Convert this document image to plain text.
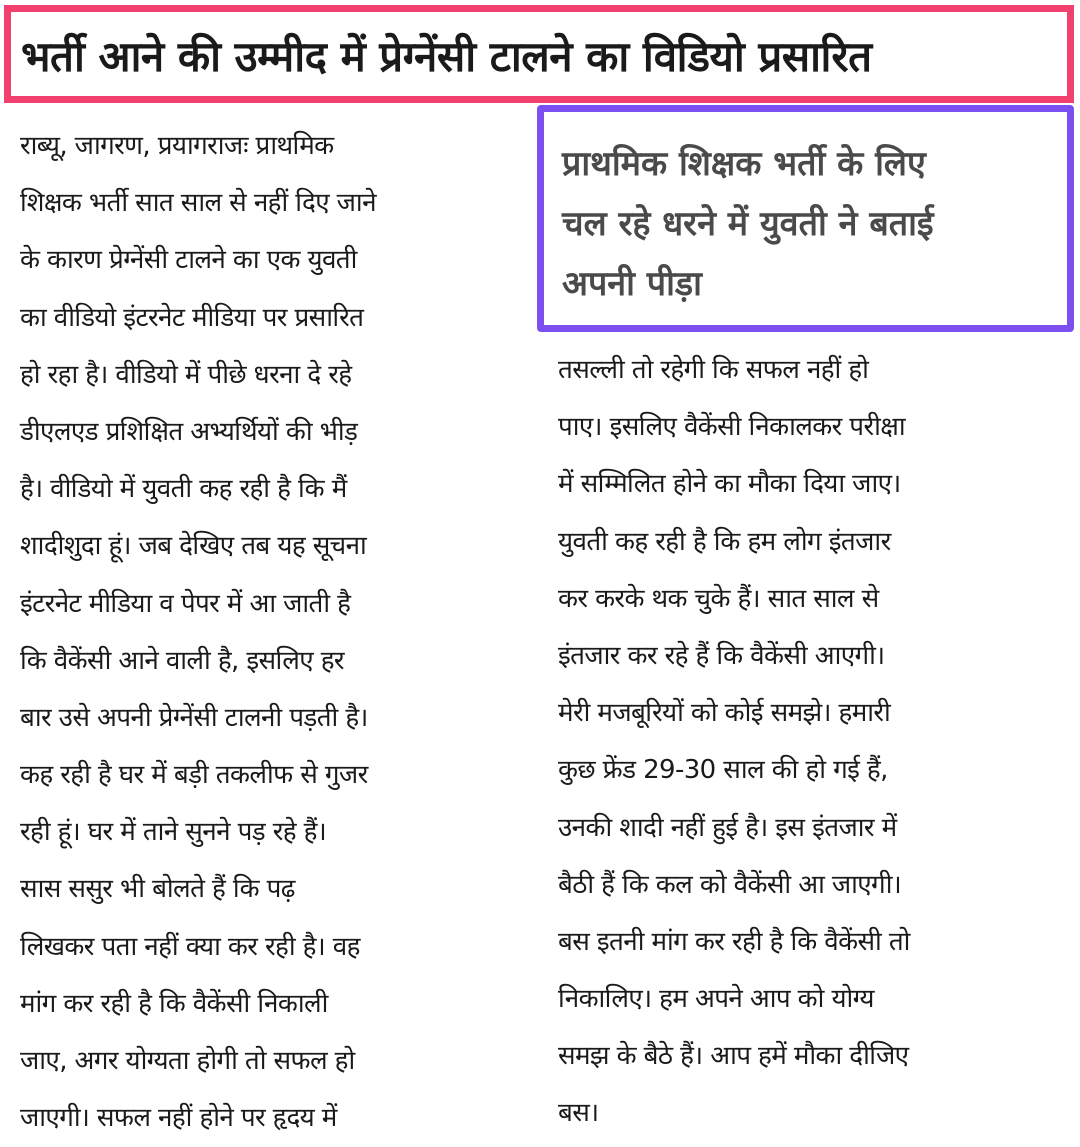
भर्ती आने की उम्मीद में प्रेग्नेंसी टालने का विडियो प्रसारित
राब्यू, जागरण, प्रयागराजः प्राथमिक
शिक्षक भर्ती सात साल से नहीं दिए जाने
के कारण प्रेग्नेंसी टालने का एक युवती
का वीडियो इंटरनेट मीडिया पर प्रसारित
हो रहा है। वीडियो में पीछे धरना दे रहे
डीएलएड प्रशिक्षित अभ्यर्थियों की भीड़
है। वीडियो में युवती कह रही है कि मैं
शादीशुदा हूं। जब देखिए तब यह सूचना
इंटरनेट मीडिया व पेपर में आ जाती है
कि वैकेंसी आने वाली है, इसलिए हर
बार उसे अपनी प्रेग्नेंसी टालनी पड़ती है।
कह रही है घर में बड़ी तकलीफ से गुजर
रही हूं। घर में ताने सुनने पड़ रहे हैं।
सास ससुर भी बोलते हैं कि पढ़
लिखकर पता नहीं क्या कर रही है। वह
मांग कर रही है कि वैकेंसी निकाली
जाए, अगर योग्यता होगी तो सफल हो
जाएगी। सफल नहीं होने पर हृदय में
प्राथमिक शिक्षक भर्ती के लिए
चल रहे धरने में युवती ने बताई
अपनी पीड़ा
तसल्ली तो रहेगी कि सफल नहीं हो
पाए। इसलिए वैकेंसी निकालकर परीक्षा
में सम्मिलित होने का मौका दिया जाए।
युवती कह रही है कि हम लोग इंतजार
कर करके थक चुके हैं। सात साल से
इंतजार कर रहे हैं कि वैकेंसी आएगी।
मेरी मजबूरियों को कोई समझे। हमारी
कुछ फ्रेंड 29-30 साल की हो गई हैं,
उनकी शादी नहीं हुई है। इस इंतजार में
बैठी हैं कि कल को वैकेंसी आ जाएगी।
बस इतनी मांग कर रही है कि वैकेंसी तो
निकालिए। हम अपने आप को योग्य
समझ के बैठे हैं। आप हमें मौका दीजिए
बस।
